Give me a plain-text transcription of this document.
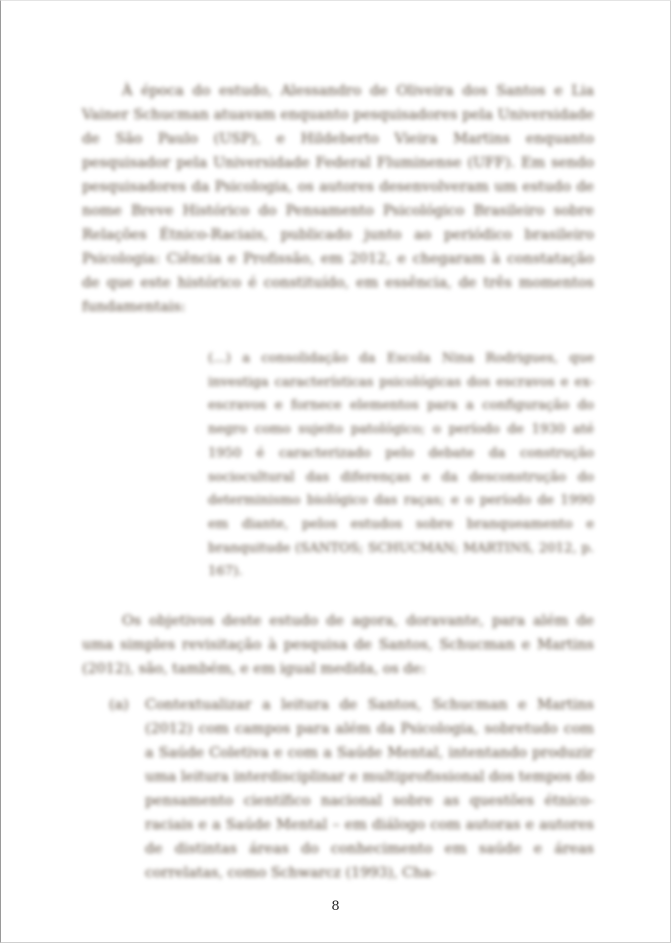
À época do estudo, Alessandro de Oliveira dos Santos e Lia Vainer Schucman atuavam enquanto pesquisadores pela Universidade de São Paulo (USP), e Hildeberto Vieira Martins enquanto pesquisador pela Universidade Federal Fluminense (UFF). Em sendo pesquisadores da Psicologia, os autores desenvolveram um estudo de nome Breve Histórico do Pensamento Psicológico Brasileiro sobre Relações Étnico-Raciais, publicado junto ao periódico brasileiro Psicologia: Ciência e Profissão, em 2012, e chegaram à constatação de que este histórico é constituído, em essência, de três momentos fundamentais:

(...) a consolidação da Escola Nina Rodrigues, que investiga características psicológicas dos escravos e ex-escravos e fornece elementos para a configuração do negro como sujeito patológico; o período de 1930 até 1950 é caracterizado pelo debate da construção sociocultural das diferenças e da desconstrução do determinismo biológico das raças; e o período de 1990 em diante, pelos estudos sobre branqueamento e branquitude (SANTOS; SCHUCMAN; MARTINS, 2012, p. 167).

Os objetivos deste estudo de agora, doravante, para além de uma simples revisitação à pesquisa de Santos, Schucman e Martins (2012), são, também, e em igual medida, os de:

(a) Contextualizar a leitura de Santos, Schucman e Martins (2012) com campos para além da Psicologia, sobretudo com a Saúde Coletiva e com a Saúde Mental, intentando produzir uma leitura interdisciplinar e multiprofissional dos tempos do pensamento científico nacional sobre as questões étnico-raciais e a Saúde Mental – em diálogo com autoras e autores de distintas áreas do conhecimento em saúde e áreas correlatas, como Schwarcz (1993), Cha-
8
